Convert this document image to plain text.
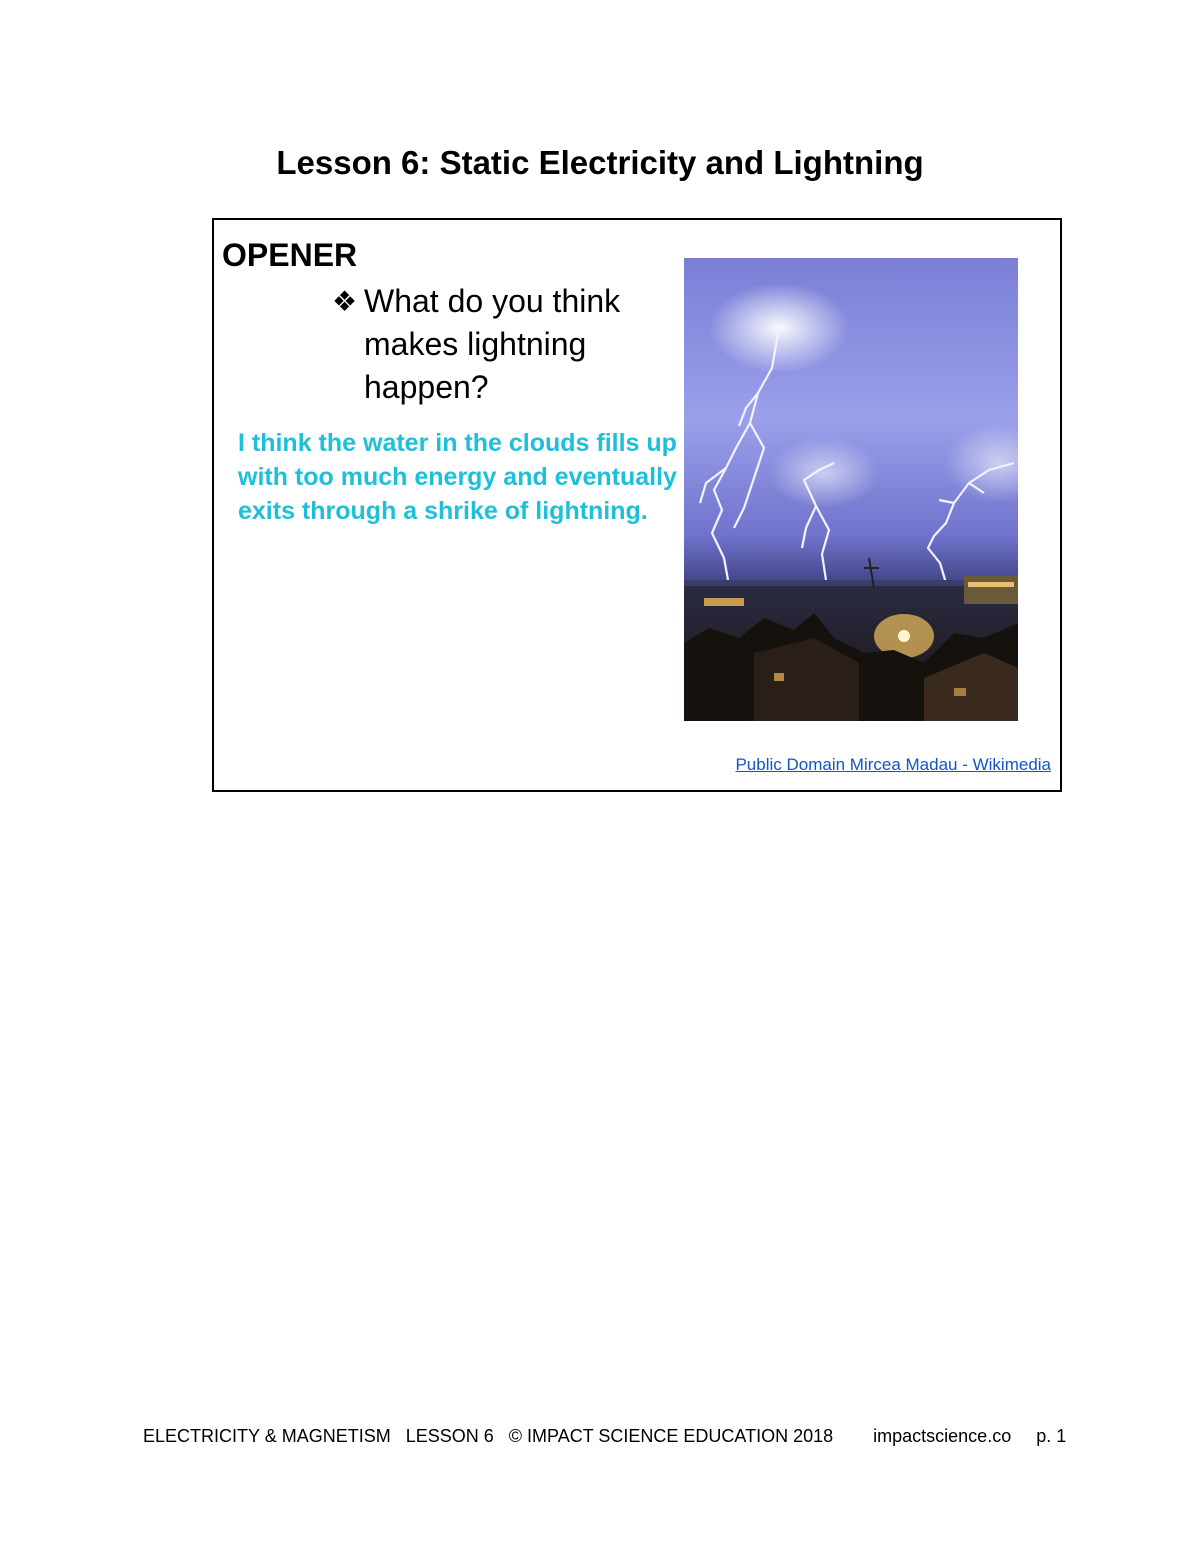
Lesson 6: Static Electricity and Lightning
OPENER
❖ What do you think makes lightning happen?
I think the water in the clouds fills up with too much energy and eventually exits through a shrike of lightning.
Public Domain Mircea Madau - Wikimedia
ELECTRICITY & MAGNETISM LESSON 6 © IMPACT SCIENCE EDUCATION 2018 impactscience.co p. 1
